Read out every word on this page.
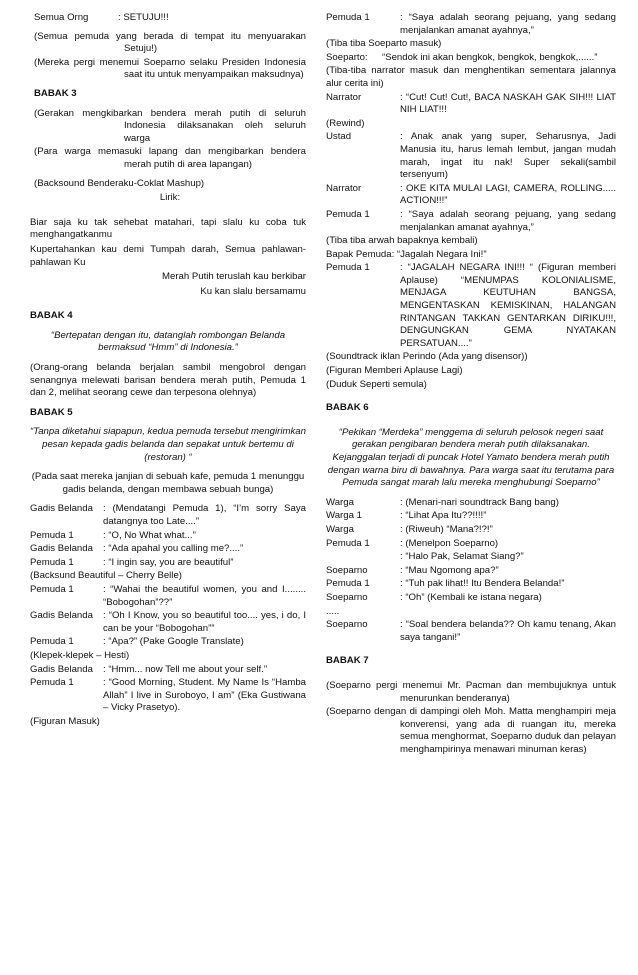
Semua Orng	: SETUJU!!!
(Semua pemuda yang berada di tempat itu menyuarakan Setuju!)
(Mereka pergi menemui Soeparno selaku Presiden Indonesia saat itu untuk menyampaikan maksudnya)
BABAK 3
(Gerakan mengkibarkan bendera merah putih di seluruh Indonesia dilaksanakan oleh seluruh warga
(Para warga memasuki lapang dan mengibarkan bendera merah putih di area lapangan)
(Backsound Benderaku-Coklat Mashup)
Lirik:
Biar saja ku tak sehebat matahari, tapi slalu ku coba tuk menghangatkanmu
Kupertahankan kau demi Tumpah darah, Semua pahlawan-pahlawan Ku
Merah Putih teruslah kau berkibar
Ku kan slalu bersamamu
BABAK 4
“Bertepatan dengan itu, datanglah rombongan Belanda bermaksud “Hmm” di Indonesia.”
(Orang-orang belanda berjalan sambil mengobrol dengan senangnya melewati barisan bendera merah putih, Pemuda 1 dan 2, melihat seorang cewe dan terpesona olehnya)
BABAK 5
“Tanpa diketahui siapapun, kedua pemuda tersebut mengirimkan pesan kepada gadis belanda dan sepakat untuk bertemu di (restoran) “
(Pada saat mereka janjian di sebuah kafe, pemuda 1 menunggu gadis belanda, dengan membawa sebuah bunga)
Gadis Belanda	: (Mendatangi Pemuda 1), “I’m sorry Saya datangnya too Late....”
Pemuda 1	: “O, No What what...”
Gadis Belanda	: “Ada apahal you calling me?....”
Pemuda 1	: “I ingin say, you are beautiful”
(Backsund Beautiful – Cherry Belle)
Pemuda 1	: “Wahai the beautiful women, you and I........ “Bobogohan”??”
Gadis Belanda	: “Oh I Know, you so beautiful too.... yes, i do, I can be your “Bobogohan””
Pemuda 1	: “Apa?” (Pake Google Translate)
(Klepek-klepek – Hesti)
Gadis Belanda	: “Hmm... now Tell me about your self.”
Pemuda 1	: “Good Morning, Student. My Name Is “Hamba Allah” I live in Suroboyo, I am” (Eka Gustiwana – Vicky Prasetyo).
(Figuran Masuk)
Pemuda 1	: “Saya adalah seorang pejuang, yang sedang menjalankan amanat ayahnya,”
(Tiba tiba Soeparto masuk)
Soeparto:	“Sendok ini akan bengkok, bengkok, bengkok,......”
(Tiba-tiba narrator masuk dan menghentikan sementara jalannya alur cerita ini)
Narrator	: “Cut! Cut! Cut!, BACA NASKAH GAK SIH!!! LIAT NIH LIAT!!!
(Rewind)
Ustad	: Anak anak yang super, Seharusnya, Jadi Manusia itu, harus lemah lembut, jangan mudah marah, ingat itu nak! Super sekali(sambil tersenyum)
Narrator	: OKE KITA MULAI LAGI, CAMERA, ROLLING..... ACTION!!!”
Pemuda 1	: “Saya adalah seorang pejuang, yang sedang menjalankan amanat ayahnya,”
(Tiba tiba arwah bapaknya kembali)
Bapak Pemuda: “Jagalah Negara Ini!”
Pemuda 1	: “JAGALAH NEGARA INI!!! “ (Figuran memberi Aplause) “MENUMPAS KOLONIALISME, MENJAGA KEUTUHAN BANGSA, MENGENTASKAN KEMISKINAN, HALANGAN RINTANGAN TAKKAN GENTARKAN DIRIKU!!!, DENGUNGKAN GEMA NYATAKAN PERSATUAN....”
(Soundtrack iklan Perindo (Ada yang disensor))
(Figuran Memberi Aplause Lagi)
(Duduk Seperti semula)
BABAK 6
“Pekikan “Merdeka” menggema di seluruh pelosok negeri saat gerakan pengibaran bendera merah putih dilaksanakan. Kejanggalan terjadi di puncak Hotel Yamato bendera merah putih dengan warna biru di bawahnya. Para warga saat itu terutama para Pemuda sangat marah lalu mereka menghubungi Soeparno”
Warga	: (Menari-nari soundtrack Bang bang)
Warga 1	: “Lihat Apa Itu??!!!!”
Warga	: (Riweuh) “Mana?!?!”
Pemuda 1	: (Menelpon Soeparno)
: “Halo Pak, Selamat Siang?”
Soeparno	: “Mau Ngomong apa?”
Pemuda 1	: “Tuh pak lihat!! Itu Bendera Belanda!”
Soeparno	: “Oh” (Kembali ke istana negara)
.....
Soeparno	: “Soal bendera belanda?? Oh kamu tenang, Akan saya tangani!”
BABAK 7
(Soeparno pergi menemui Mr. Pacman dan membujuknya untuk menurunkan benderanya)
(Soeparno dengan di dampingi oleh Moh. Matta menghampiri meja konverensi, yang ada di ruangan itu, mereka semua menghormat, Soeparno duduk dan pelayan menghampirinya menawari minuman keras)
